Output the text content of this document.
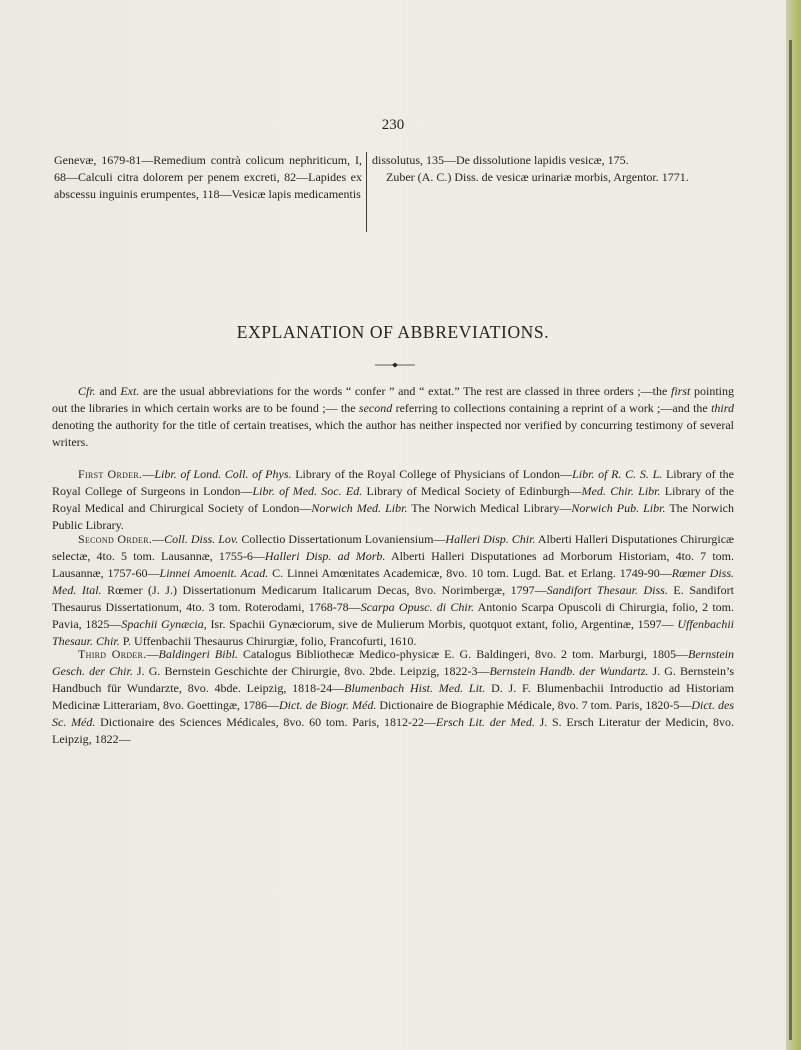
230

Genevæ, 1679-81—Remedium contrà colicum nephriticum, I, 68—Calculi citra dolorem per penem excreti, 82—Lapides ex abscessu inguinis erumpentes, 118—Vesicæ lapis medicamentis

dissolutus, 135—De dissolutione lapidis vesicæ, 175.

Zuber (A. C.) Diss. de vesicæ urinariæ morbis, Argentor. 1771.

EXPLANATION OF ABBREVIATIONS.

Cfr. and Ext. are the usual abbreviations for the words “ confer ” and “ extat.” The rest are classed in three orders ;—the first pointing out the libraries in which certain works are to be found ;— the second referring to collections containing a reprint of a work ;—and the third denoting the authority for the title of certain treatises, which the author has neither inspected nor verified by concurring testimony of several writers.

First Order.—Libr. of Lond. Coll. of Phys. Library of the Royal College of Physicians of London—Libr. of R. C. S. L. Library of the Royal College of Surgeons in London—Libr. of Med. Soc. Ed. Library of Medical Society of Edinburgh—Med. Chir. Libr. Library of the Royal Medical and Chirurgical Society of London—Norwich Med. Libr. The Norwich Medical Library—Norwich Pub. Libr. The Norwich Public Library.

Second Order.—Coll. Diss. Lov. Collectio Dissertationum Lovaniensium—Halleri Disp. Chir. Alberti Halleri Disputationes Chirurgicæ selectæ, 4to. 5 tom. Lausannæ, 1755-6—Halleri Disp. ad Morb. Alberti Halleri Disputationes ad Morborum Historiam, 4to. 7 tom. Lausannæ, 1757-60—Linnei Amoenit. Acad. C. Linnei Amœnitates Academicæ, 8vo. 10 tom. Lugd. Bat. et Erlang. 1749-90—Rœmer Diss. Med. Ital. Rœmer (J. J.) Dissertationum Medicarum Italicarum Decas, 8vo. Norimbergæ, 1797—Sandifort Thesaur. Diss. E. Sandifort Thesaurus Dissertationum, 4to. 3 tom. Roterodami, 1768-78—Scarpa Opusc. di Chir. Antonio Scarpa Opuscoli di Chirurgia, folio, 2 tom. Pavia, 1825—Spachii Gynæcia, Isr. Spachii Gynæciorum, sive de Mulierum Morbis, quotquot extant, folio, Argentinæ, 1597— Uffenbachii Thesaur. Chir. P. Uffenbachii Thesaurus Chirurgiæ, folio, Francofurti, 1610.

Third Order.—Baldingeri Bibl. Catalogus Bibliothecæ Medico-physicæ E. G. Baldingeri, 8vo. 2 tom. Marburgi, 1805—Bernstein Gesch. der Chir. J. G. Bernstein Geschichte der Chirurgie, 8vo. 2bde. Leipzig, 1822-3—Bernstein Handb. der Wundartz. J. G. Bernstein’s Handbuch für Wundarzte, 8vo. 4bde. Leipzig, 1818-24—Blumenbach Hist. Med. Lit. D. J. F. Blumenbachii Introductio ad Historiam Medicinæ Litterariam, 8vo. Goettingæ, 1786—Dict. de Biogr. Méd. Dictionaire de Biographie Médicale, 8vo. 7 tom. Paris, 1820-5—Dict. des Sc. Méd. Dictionaire des Sciences Médicales, 8vo. 60 tom. Paris, 1812-22—Ersch Lit. der Med. J. S. Ersch Literatur der Medicin, 8vo. Leipzig, 1822—
